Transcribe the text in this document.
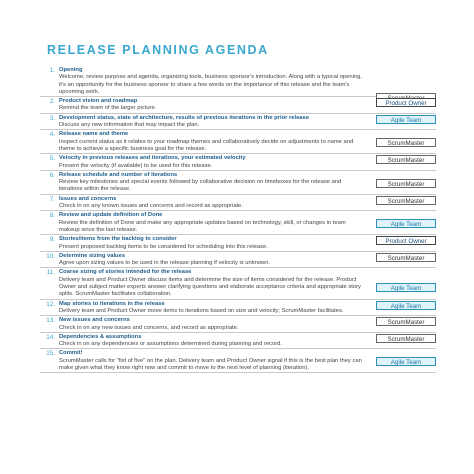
RELEASE PLANNING AGENDA
1. Opening
Welcome, review purpose and agenda, organizing tools, business sponsor's introduction. Along with a typical opening, it's an opportunity for the business sponsor to share a few words on the importance of this release and the team's upcoming work.
2. Product vision and roadmap
Remind the team of the larger picture.
Product Owner
3. Development status, state of architecture, results of previous iterations in the prior release
Discuss any new information that may impact the plan.
Agile Team
4. Release name and theme
Inspect current status as it relates to your roadmap themes and collaboratively decide on adjustments to name and theme to achieve a specific business goal for the release.
ScrumMaster
5. Velocity in previous releases and iterations, your estimated velocity
Present the velocity (if available) to be used for this release.
ScrumMaster
6. Release schedule and number of iterations
Review key milestones and special events followed by collaborative decision on timeboxes for the release and iterations within the release.
ScrumMaster
7. Issues and concerns
Check in on any known issues and concerns and record as appropriate.
ScrumMaster
8. Review and update definition of Done
Review the definition of Done and make any appropriate updates based on technology, skill, or changes in team makeup since the last release.
Agile Team
9. Stories/items from the backlog to consider
Present proposed backlog items to be considered for scheduling into this release.
Product Owner
10. Determine sizing values
Agree upon sizing values to be used in the release planning if velocity is unknown.
ScrumMaster
11. Coarse sizing of stories intended for the release
Delivery team and Product Owner discuss items and determine the size of items considered for the release. Product Owner and subject matter experts answer clarifying questions and elaborate acceptance criteria and appropriate story splits. ScrumMaster facilitates collaboration.
Agile Team
12. Map stories to iterations in the release
Delivery team and Product Owner move items to iterations based on size and velocity; ScrumMaster facilitates.
Agile Team
13. New issues and concerns
Check in on any new issues and concerns, and record as appropriate.
ScrumMaster
14. Dependencies & assumptions
Check in on any dependencies or assumptions determined during planning and record.
ScrumMaster
15. Commit!
ScrumMaster calls for "fist of five" on the plan. Delivery team and Product Owner signal if this is the best plan they can make given what they know right now and commit to move to the next level of planning (iteration).
Agile Team
